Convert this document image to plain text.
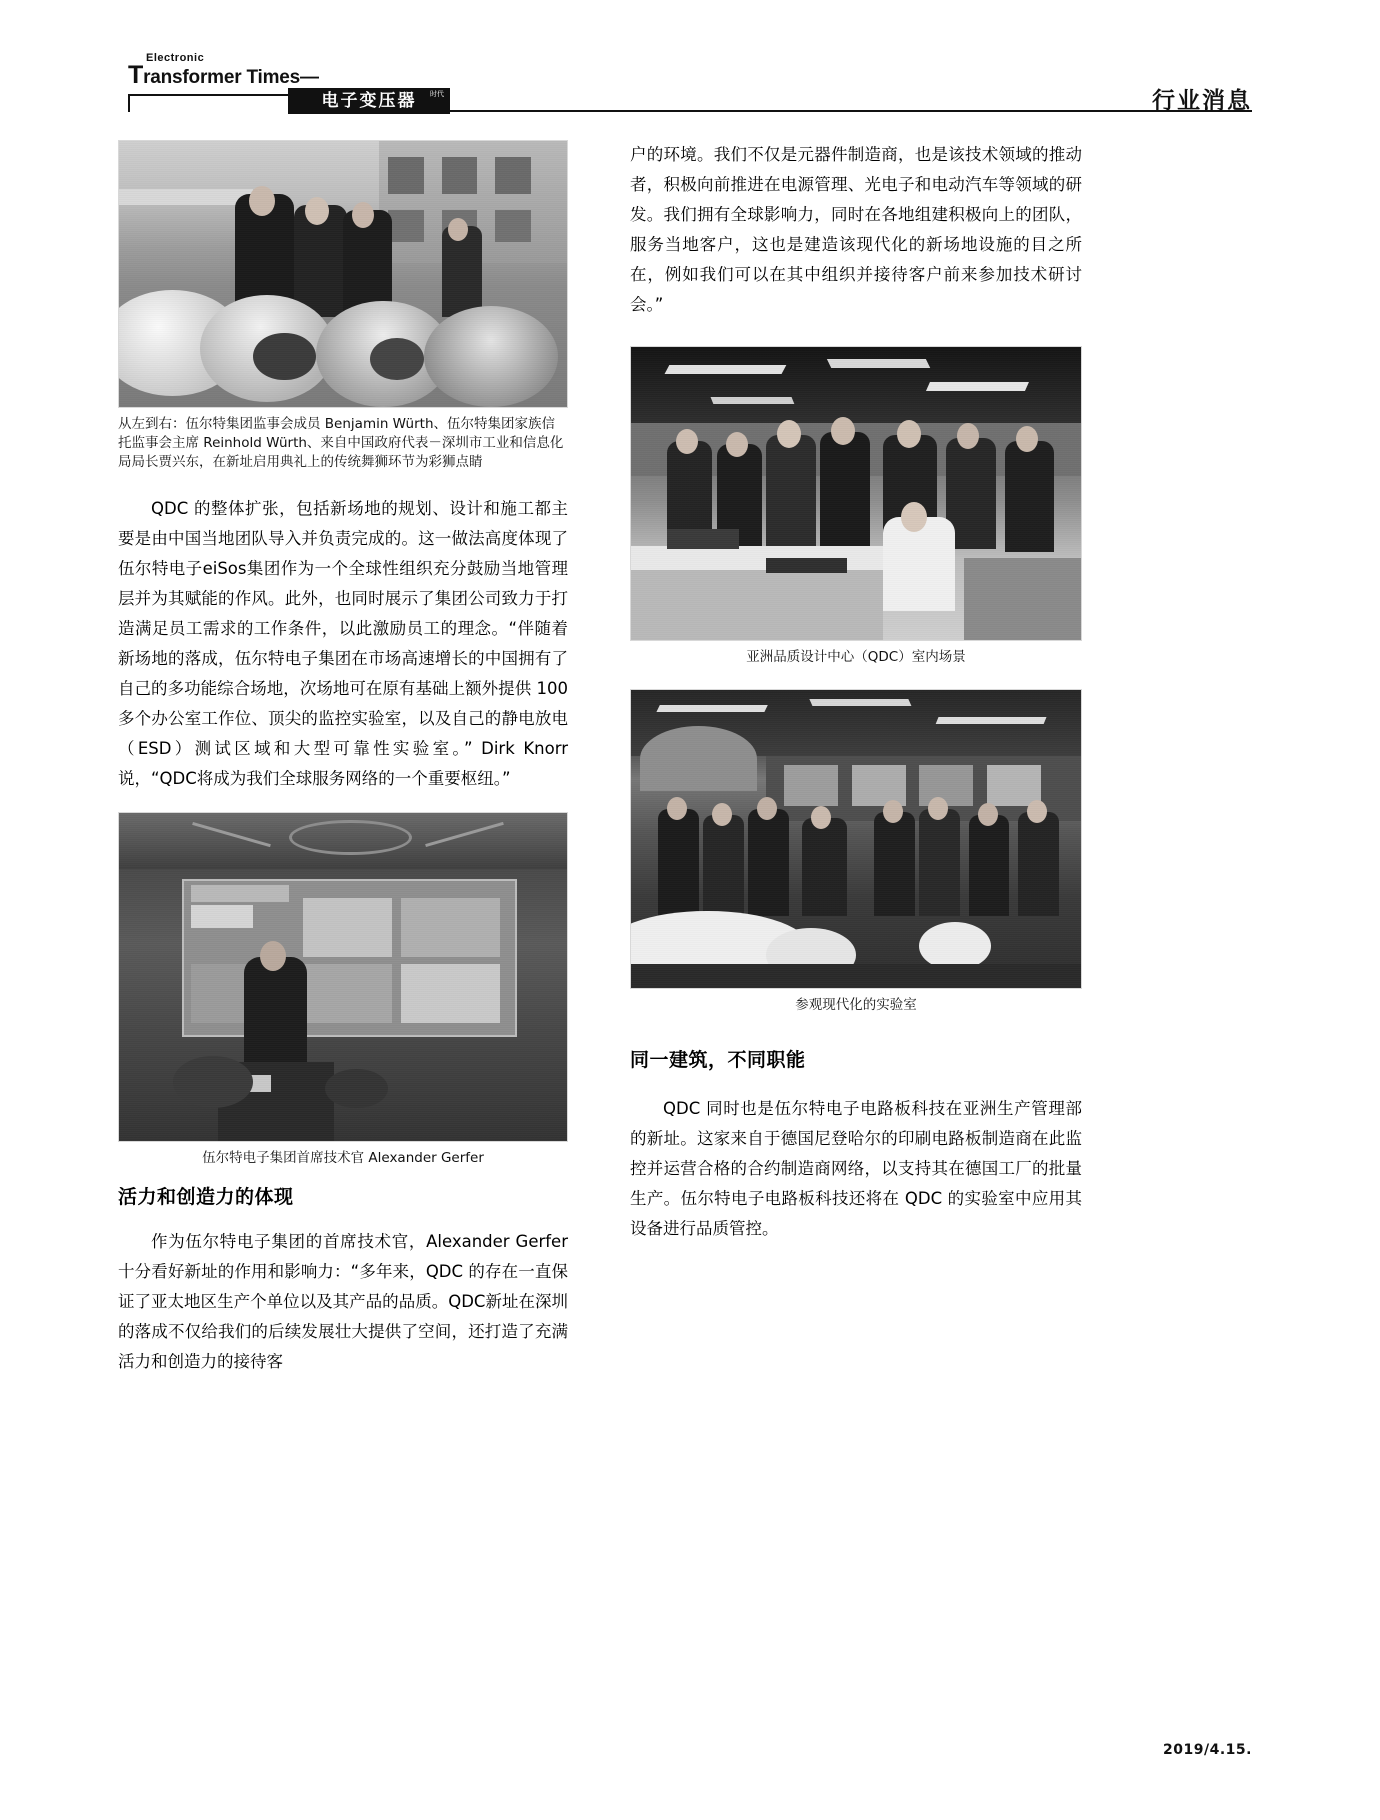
Electronic
Transformer Times—
电子变压器	时代	行业消息
从左到右：伍尔特集团监事会成员 Benjamin Würth、伍尔特集团家族信托监事会主席 Reinhold Würth、来自中国政府代表－深圳市工业和信息化局局长贾兴东，在新址启用典礼上的传统舞狮环节为彩狮点睛

QDC 的整体扩张，包括新场地的规划、设计和施工都主要是由中国当地团队导入并负责完成的。这一做法高度体现了伍尔特电子eiSos集团作为一个全球性组织充分鼓励当地管理层并为其赋能的作风。此外，也同时展示了集团公司致力于打造满足员工需求的工作条件，以此激励员工的理念。“伴随着新场地的落成，伍尔特电子集团在市场高速增长的中国拥有了自己的多功能综合场地，次场地可在原有基础上额外提供 100 多个办公室工作位、顶尖的监控实验室，以及自己的静电放电（ESD）测试区域和大型可靠性实验室。” Dirk Knorr 说，“QDC将成为我们全球服务网络的一个重要枢纽。”

伍尔特电子集团首席技术官 Alexander Gerfer
活力和创造力的体现

作为伍尔特电子集团的首席技术官，Alexander Gerfer 十分看好新址的作用和影响力：“多年来，QDC 的存在一直保证了亚太地区生产个单位以及其产品的品质。QDC新址在深圳的落成不仅给我们的后续发展壮大提供了空间，还打造了充满活力和创造力的接待客

户的环境。我们不仅是元器件制造商，也是该技术领域的推动者，积极向前推进在电源管理、光电子和电动汽车等领域的研发。我们拥有全球影响力，同时在各地组建积极向上的团队，服务当地客户，这也是建造该现代化的新场地设施的目之所在，例如我们可以在其中组织并接待客户前来参加技术研讨会。”

亚洲品质设计中心（QDC）室内场景
参观现代化的实验室
同一建筑，不同职能

QDC 同时也是伍尔特电子电路板科技在亚洲生产管理部的新址。这家来自于德国尼登哈尔的印刷电路板制造商在此监控并运营合格的合约制造商网络，以支持其在德国工厂的批量生产。伍尔特电子电路板科技还将在 QDC 的实验室中应用其设备进行品质管控。

2019/4.15.
